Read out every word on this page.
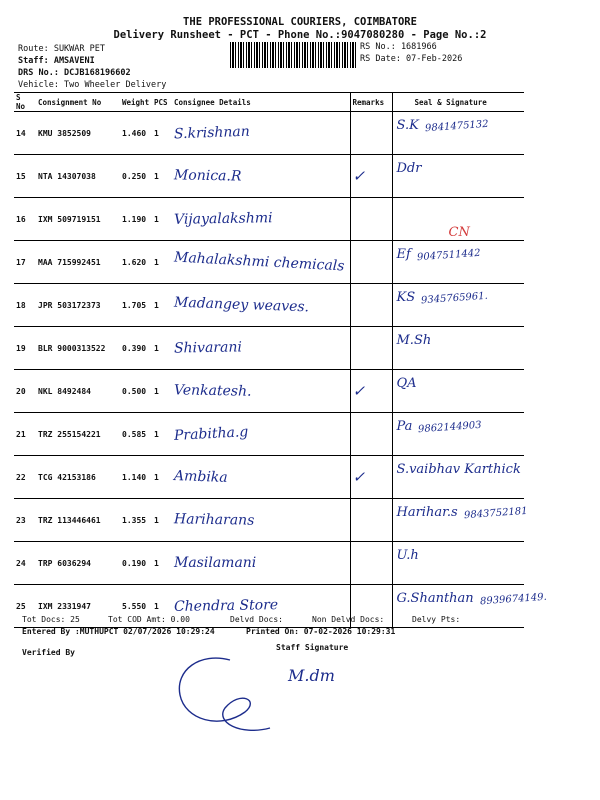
THE PROFESSIONAL COURIERS, COIMBATORE
Delivery Runsheet - PCT - Phone No.:9047080280 - Page No.:2
Route: SUKWAR PET
Staff: AMSAVENI
DRS No.: DCJB168196602
Vehicle: Two Wheeler Delivery
RS No.: 1681966
RS Date: 07-Feb-2026
S No	Consignment No	Weight	PCS	Consignee Details	Remarks	Seal & Signature
14	KMU 3852509	1.460	1	S.krishnan		S.K 9841475132

15	NTA 14307038	0.250	1	Monica.R	✓	Ddr

16	IXM 509719151	1.190	1	Vijayalakshmi		

17	MAA 715992451	1.620	1	Mahalakshmi chemicals		Ef 9047511442
CN

18	JPR 503172373	1.705	1	Madangey weaves.		KS 9345765961.

19	BLR 9000313522	0.390	1	Shivarani		M.Sh

20	NKL 8492484	0.500	1	Venkatesh.	✓	QA

21	TRZ 255154221	0.585	1	Prabitha.g		Pa 9862144903

22	TCG 42153186	1.140	1	Ambika	✓	S.vaibhav Karthick

23	TRZ 113446461	1.355	1	Hariharans		Harihar.s 9843752181

24	TRP 6036294	0.190	1	Masilamani		U.h

25	IXM 2331947	5.550	1	Chendra Store		G.Shanthan 8939674149.
Tot Docs: 25	Tot COD Amt: 0.00	Delvd Docs:	Non Delvd Docs:	Delvy Pts:
Entered By :MUTHUPCT 02/07/2026 10:29:24	Printed On: 07-02-2026 10:29:31
Verified By
Staff Signature
M.dm
